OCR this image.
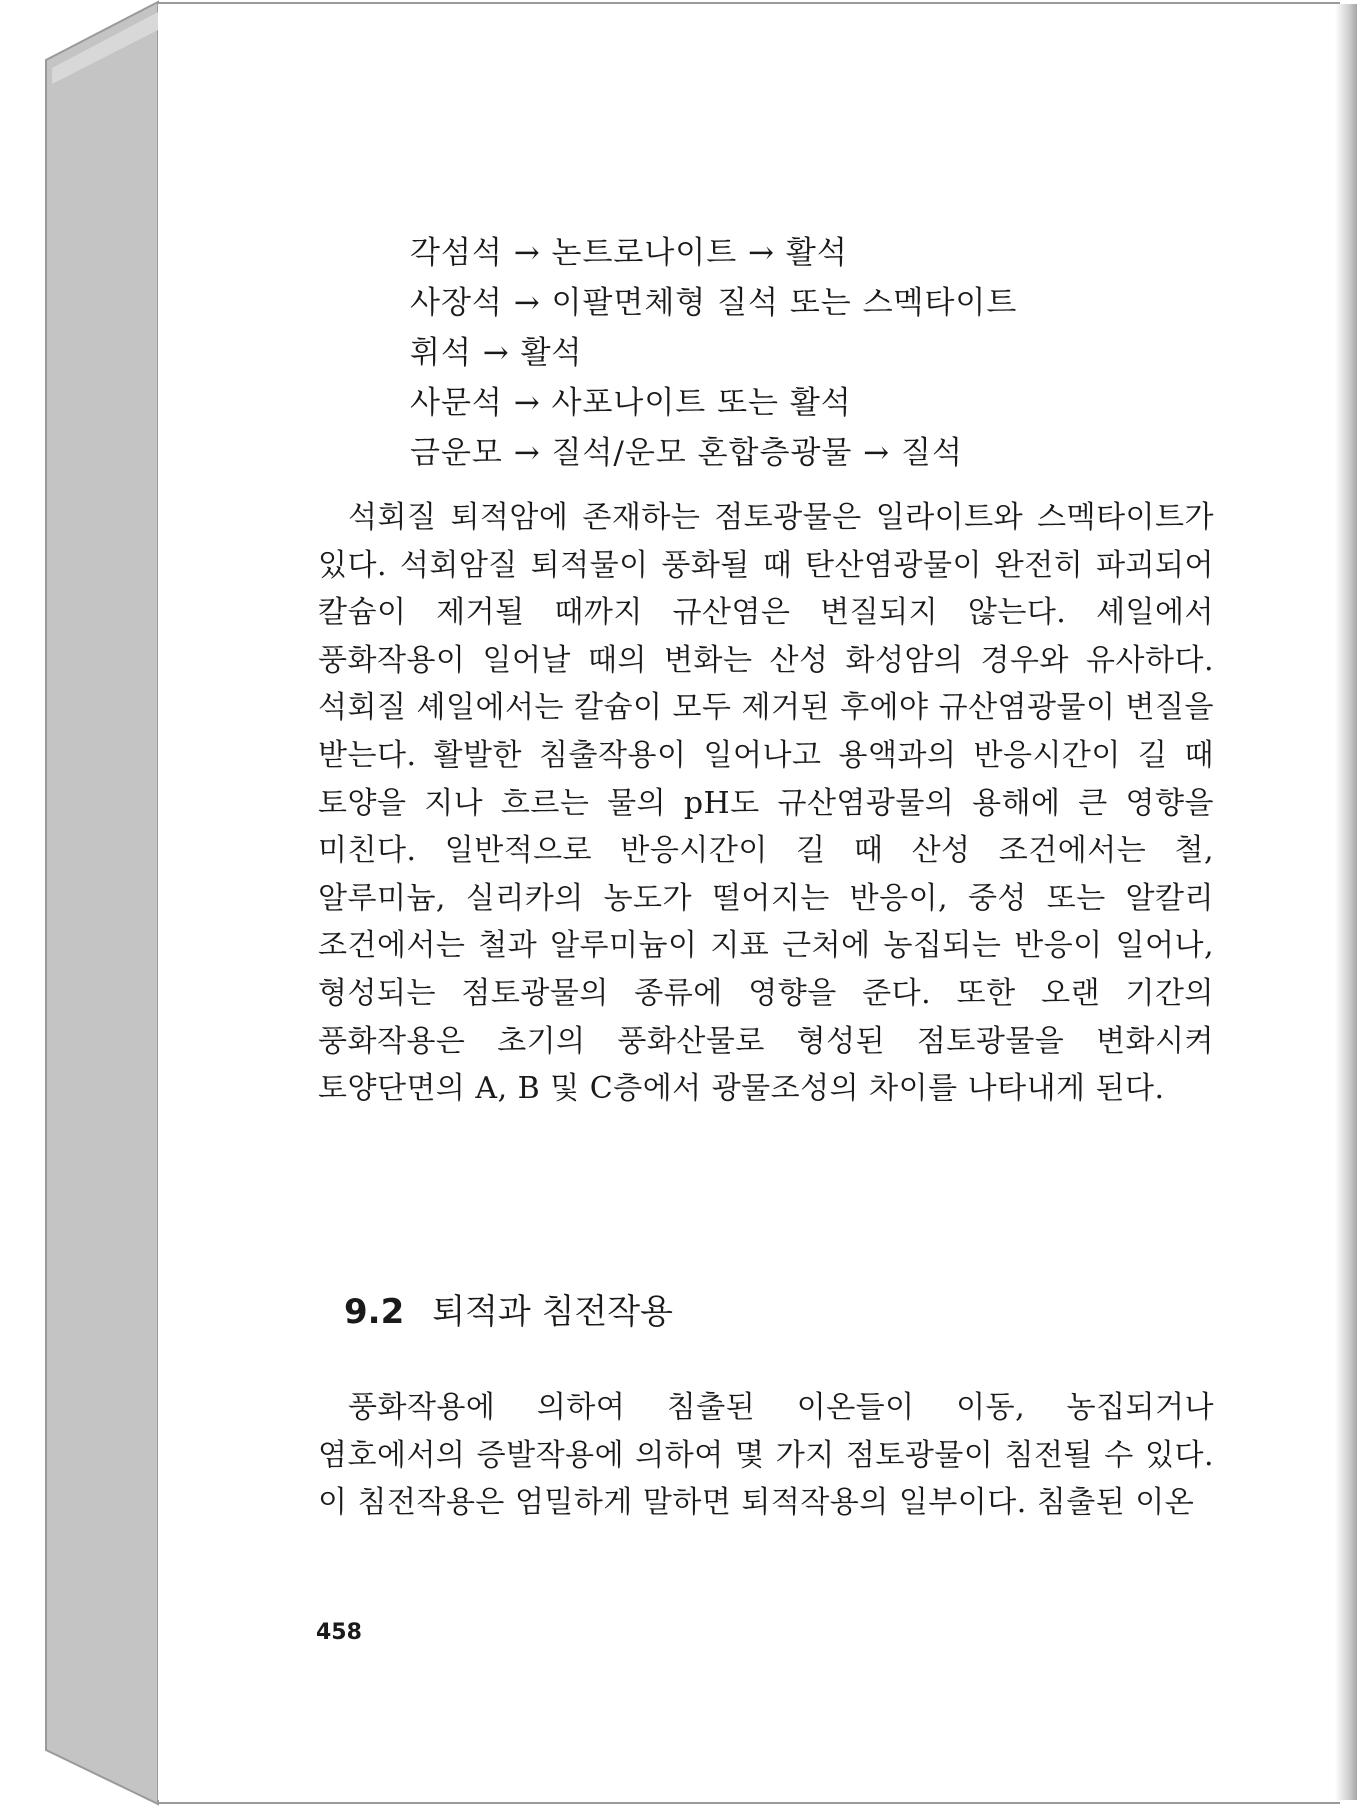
각섬석 → 논트로나이트 → 활석
사장석 → 이팔면체형 질석 또는 스멕타이트
휘석 → 활석
사문석 → 사포나이트 또는 활석
금운모 → 질석/운모 혼합층광물 → 질석

석회질 퇴적암에 존재하는 점토광물은 일라이트와 스멕타이트가 있다. 석회암질 퇴적물이 풍화될 때 탄산염광물이 완전히 파괴되어 칼슘이 제거될 때까지 규산염은 변질되지 않는다. 셰일에서 풍화작용이 일어날 때의 변화는 산성 화성암의 경우와 유사하다. 석회질 셰일에서는 칼슘이 모두 제거된 후에야 규산염광물이 변질을 받는다. 활발한 침출작용이 일어나고 용액과의 반응시간이 길 때 토양을 지나 흐르는 물의 pH도 규산염광물의 용해에 큰 영향을 미친다. 일반적으로 반응시간이 길 때 산성 조건에서는 철, 알루미늄, 실리카의 농도가 떨어지는 반응이, 중성 또는 알칼리 조건에서는 철과 알루미늄이 지표 근처에 농집되는 반응이 일어나, 형성되는 점토광물의 종류에 영향을 준다. 또한 오랜 기간의 풍화작용은 초기의 풍화산물로 형성된 점토광물을 변화시켜 토양단면의 A, B 및 C층에서 광물조성의 차이를 나타내게 된다.

9.2 퇴적과 침전작용

풍화작용에 의하여 침출된 이온들이 이동, 농집되거나 염호에서의 증발작용에 의하여 몇 가지 점토광물이 침전될 수 있다. 이 침전작용은 엄밀하게 말하면 퇴적작용의 일부이다. 침출된 이온

458
